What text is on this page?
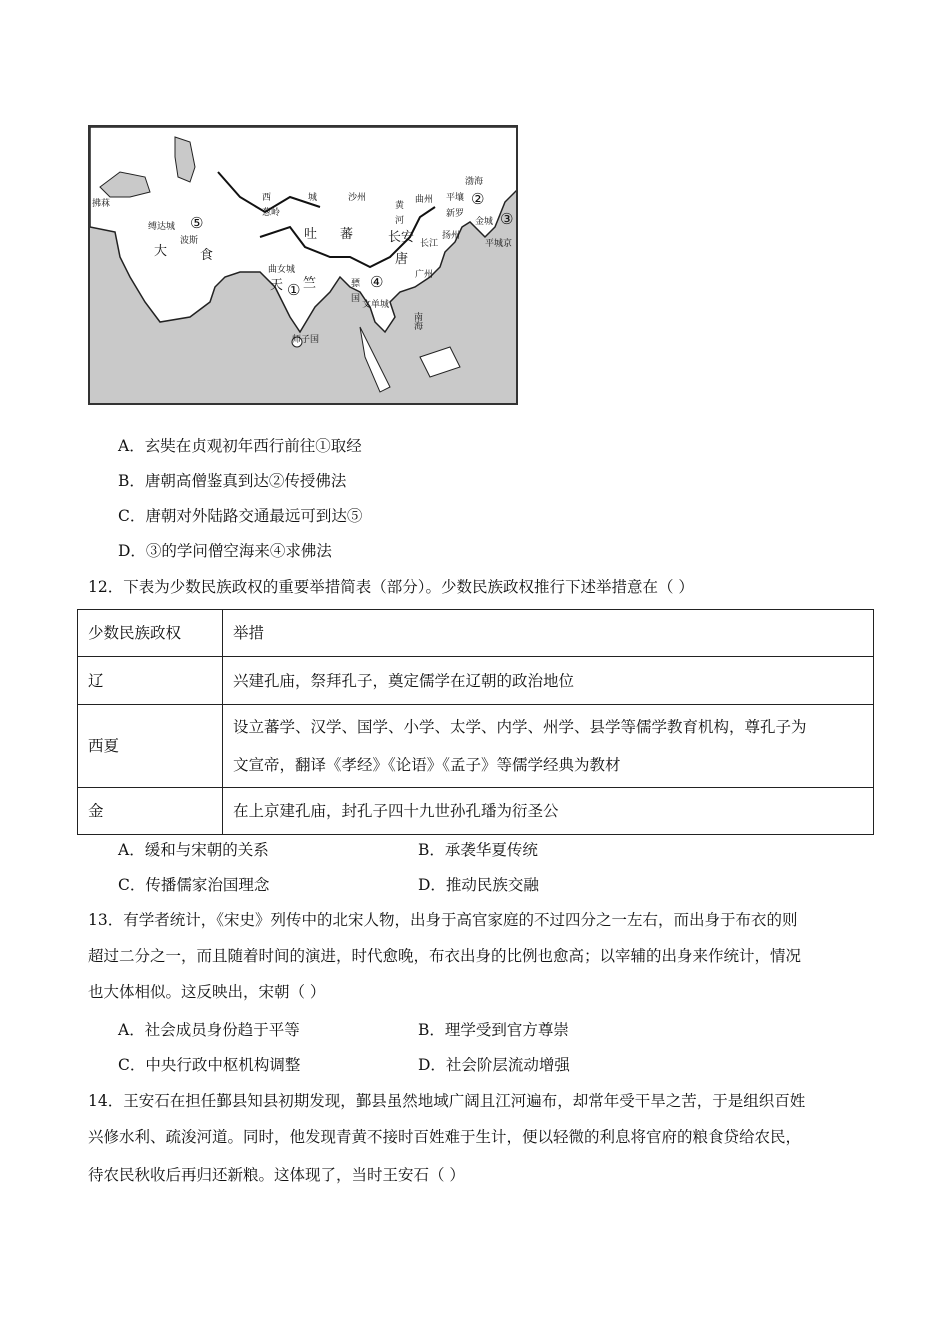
拂菻
西	城	沙州
葱岭
吐 蕃
黄
河
曲州 平壤 ②
渤海
新罗
金城 ③
长安 长江
扬州
平城京
唐
广州
骠
国
④
文单城
曲女城
天 ① 竺
缚达城 ⑤
波斯
大	食
师子国
南海
A．玄奘在贞观初年西行前往①取经
B．唐朝高僧鉴真到达②传授佛法
C．唐朝对外陆路交通最远可到达⑤
D．③的学问僧空海来④求佛法
12．下表为少数民族政权的重要举措简表（部分）。少数民族政权推行下述举措意在（ ）
少数民族政权	举措
辽	兴建孔庙，祭拜孔子，奠定儒学在辽朝的政治地位
西夏	设立蕃学、汉学、国学、小学、太学、内学、州学、县学等儒学教育机构，尊孔子为
文宣帝，翻译《孝经》《论语》《孟子》等儒学经典为教材

金	在上京建孔庙，封孔子四十九世孙孔璠为衍圣公
A．缓和与宋朝的关系	B．承袭华夏传统
C．传播儒家治国理念	D．推动民族交融
13．有学者统计，《宋史》列传中的北宋人物，出身于高官家庭的不过四分之一左右，而出身于布衣的则
超过二分之一，而且随着时间的演进，时代愈晚，布衣出身的比例也愈高；以宰辅的出身来作统计，情况
也大体相似。这反映出，宋朝（ ）
A．社会成员身份趋于平等	B．理学受到官方尊崇
C．中央行政中枢机构调整	D．社会阶层流动增强
14．王安石在担任鄞县知县初期发现，鄞县虽然地域广阔且江河遍布，却常年受干旱之苦，于是组织百姓
兴修水利、疏浚河道。同时，他发现青黄不接时百姓难于生计，便以轻微的利息将官府的粮食贷给农民，
待农民秋收后再归还新粮。这体现了，当时王安石（ ）
